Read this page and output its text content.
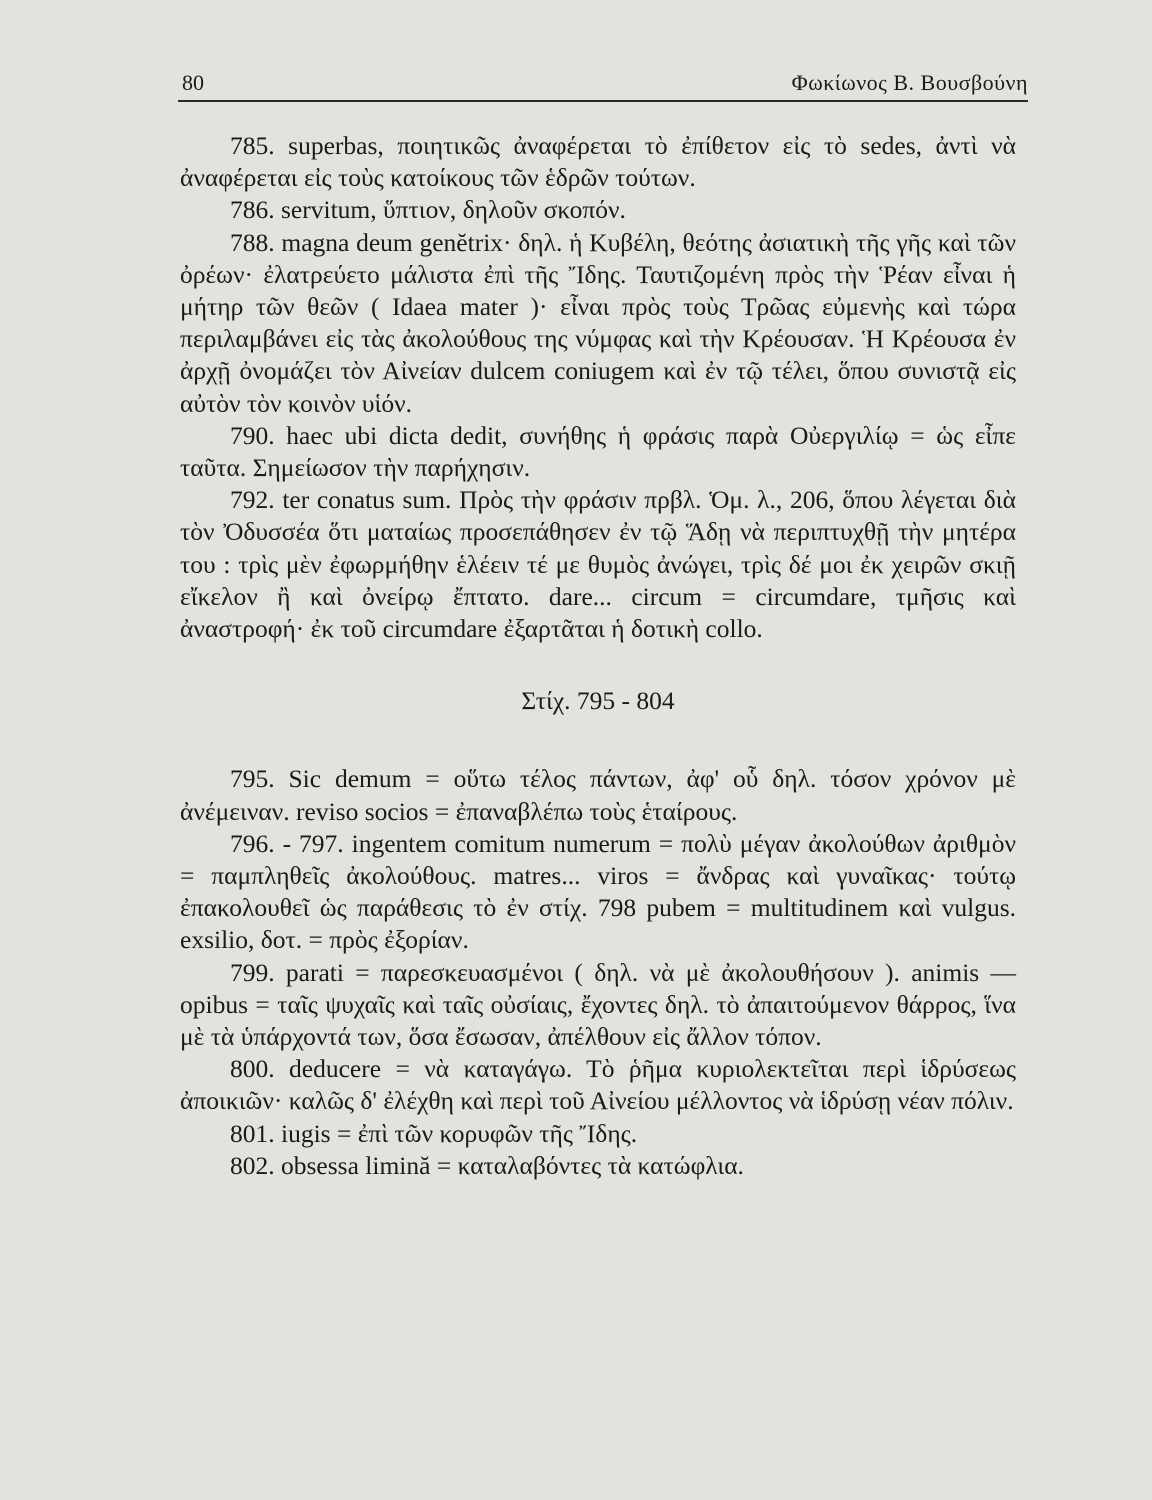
80	Φωκίωνος Β. Βουσβούνη

785. superbas, ποιητικῶς ἀναφέρεται τὸ ἐπίθετον εἰς τὸ sedes, ἀντὶ νὰ ἀναφέρεται εἰς τοὺς κατοίκους τῶν ἑδρῶν τούτων.

786. servitum, ὕπτιον, δηλοῦν σκοπόν.

788. magna deum genĕtrix· δηλ. ἡ Κυβέλη, θεότης ἀσιατικὴ τῆς γῆς καὶ τῶν ὀρέων· ἐλατρεύετο μάλιστα ἐπὶ τῆς Ἴδης. Ταυτιζομένη πρὸς τὴν Ῥέαν εἶναι ἡ μήτηρ τῶν θεῶν ( Idaea mater )· εἶναι πρὸς τοὺς Τρῶας εὐμενὴς καὶ τώρα περιλαμβάνει εἰς τὰς ἀκολούθους της νύμφας καὶ τὴν Κρέουσαν. Ἡ Κρέουσα ἐν ἀρχῇ ὀνομάζει τὸν Αἰνείαν dulcem coniugem καὶ ἐν τῷ τέλει, ὅπου συνιστᾷ εἰς αὐτὸν τὸν κοινὸν υἱόν.

790. haec ubi dicta dedit, συνήθης ἡ φράσις παρὰ Οὐεργιλίῳ = ὡς εἶπε ταῦτα. Σημείωσον τὴν παρήχησιν.

792. ter conatus sum. Πρὸς τὴν φράσιν πρβλ. Ὁμ. λ., 206, ὅπου λέγεται διὰ τὸν Ὀδυσσέα ὅτι ματαίως προσεπάθησεν ἐν τῷ Ἅδῃ νὰ περιπτυχθῇ τὴν μητέρα του : τρὶς μὲν ἐφωρμήθην ἑλέειν τέ με θυμὸς ἀνώγει, τρὶς δέ μοι ἐκ χειρῶν σκιῇ εἴκελον ἢ καὶ ὀνείρῳ ἔπτατο. dare... circum = circumdare, τμῆσις καὶ ἀναστροφή· ἐκ τοῦ circumdare ἐξαρτᾶται ἡ δοτικὴ collo.

Στίχ. 795 - 804

795. Sic demum = οὕτω τέλος πάντων, ἀφ' οὗ δηλ. τόσον χρόνον μὲ ἀνέμειναν. reviso socios = ἐπαναβλέπω τοὺς ἑταίρους.

796. - 797. ingentem comitum numerum = πολὺ μέγαν ἀκολούθων ἀριθμὸν = παμπληθεῖς ἀκολούθους. matres... viros = ἄνδρας καὶ γυναῖκας· τούτῳ ἐπακολουθεῖ ὡς παράθεσις τὸ ἐν στίχ. 798 pubem = multitudinem καὶ vulgus. exsilio, δοτ. = πρὸς ἐξορίαν.

799. parati = παρεσκευασμένοι ( δηλ. νὰ μὲ ἀκολουθήσουν ). animis — opibus = ταῖς ψυχαῖς καὶ ταῖς οὐσίαις, ἔχοντες δηλ. τὸ ἀπαιτούμενον θάρρος, ἵνα μὲ τὰ ὑπάρχοντά των, ὅσα ἔσωσαν, ἀπέλθουν εἰς ἄλλον τόπον.

800. deducere = νὰ καταγάγω. Τὸ ῥῆμα κυριολεκτεῖται περὶ ἱδρύσεως ἀποικιῶν· καλῶς δ' ἐλέχθη καὶ περὶ τοῦ Αἰνείου μέλλοντος νὰ ἱδρύσῃ νέαν πόλιν.

801. iugis = ἐπὶ τῶν κορυφῶν τῆς Ἴδης.

802. obsessa limină = καταλαβόντες τὰ κατώφλια.
